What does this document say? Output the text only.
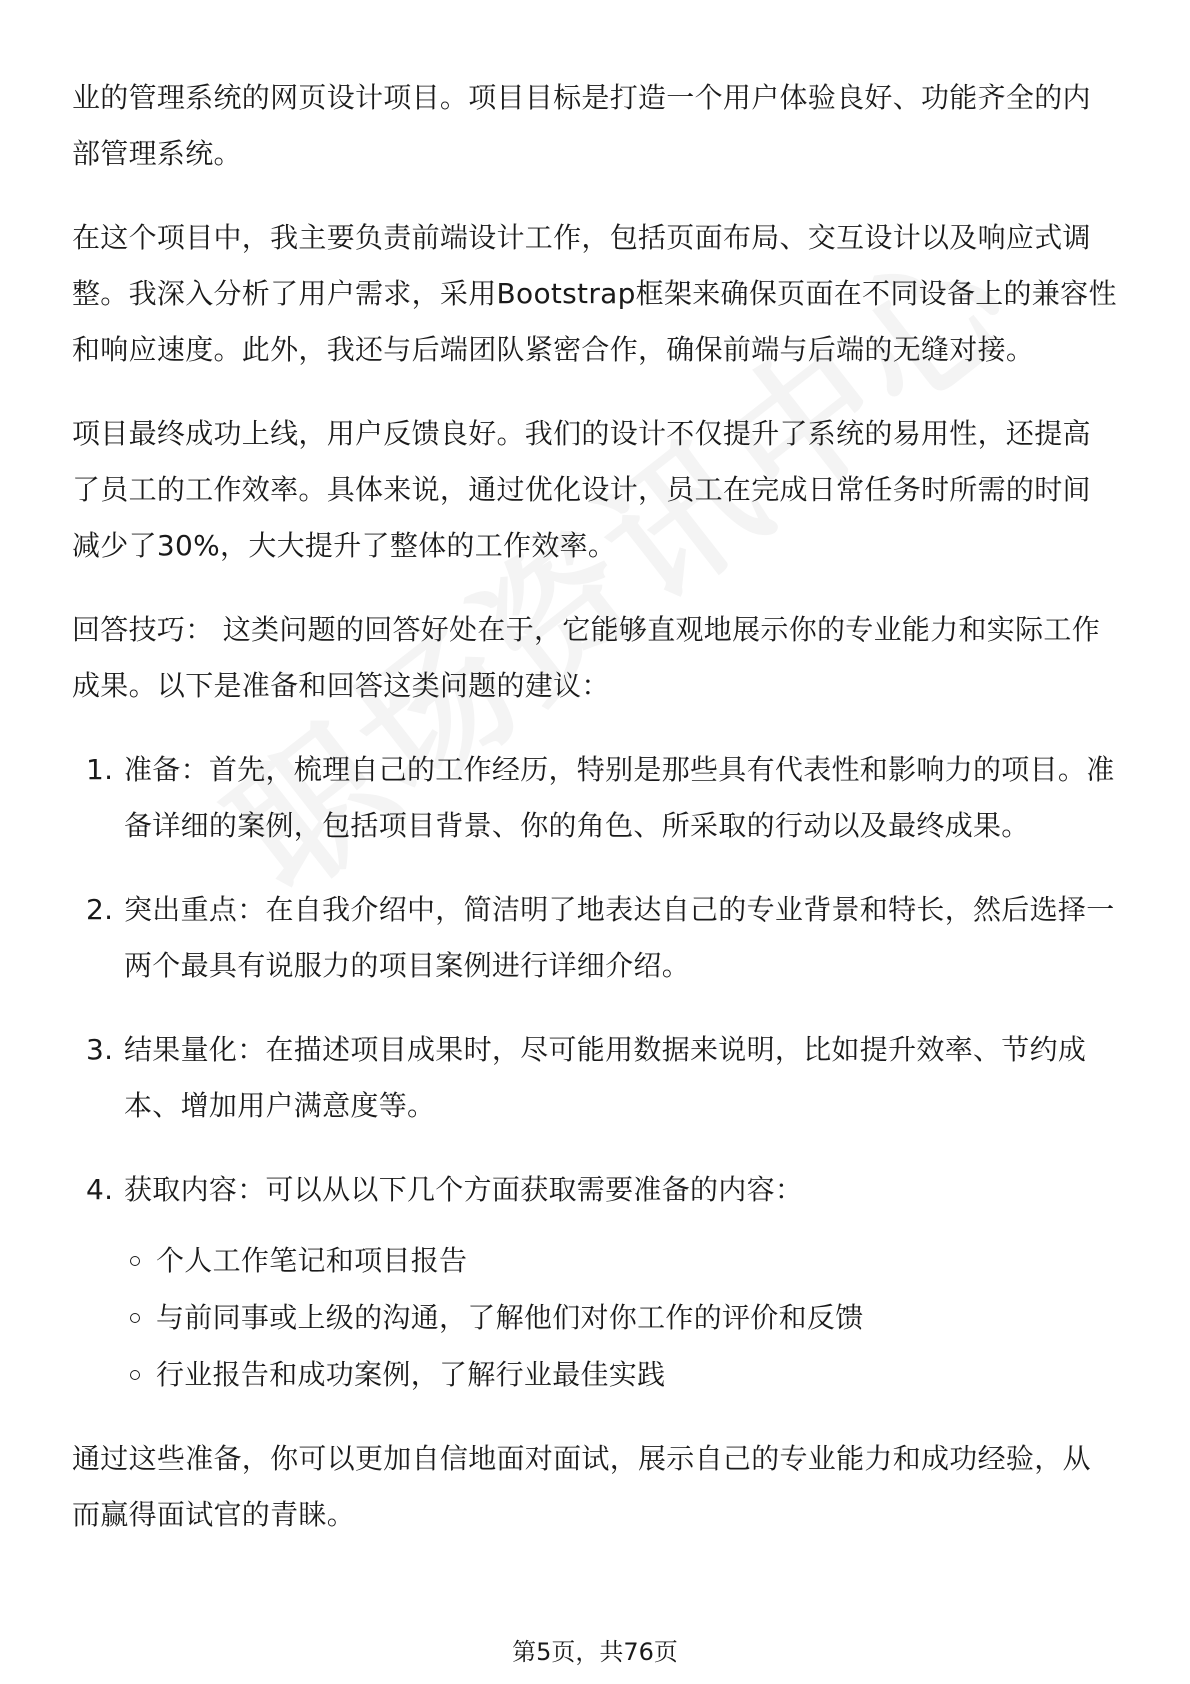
业的管理系统的网页设计项目。项目目标是打造一个用户体验良好、功能齐全的内部管理系统。

在这个项目中，我主要负责前端设计工作，包括页面布局、交互设计以及响应式调整。我深入分析了用户需求，采用Bootstrap框架来确保页面在不同设备上的兼容性和响应速度。此外，我还与后端团队紧密合作，确保前端与后端的无缝对接。

项目最终成功上线，用户反馈良好。我们的设计不仅提升了系统的易用性，还提高了员工的工作效率。具体来说，通过优化设计，员工在完成日常任务时所需的时间减少了30%，大大提升了整体的工作效率。

回答技巧： 这类问题的回答好处在于，它能够直观地展示你的专业能力和实际工作成果。以下是准备和回答这类问题的建议：

1. 准备：首先，梳理自己的工作经历，特别是那些具有代表性和影响力的项目。准备详细的案例，包括项目背景、你的角色、所采取的行动以及最终成果。
2. 突出重点：在自我介绍中，简洁明了地表达自己的专业背景和特长，然后选择一两个最具有说服力的项目案例进行详细介绍。
3. 结果量化：在描述项目成果时，尽可能用数据来说明，比如提升效率、节约成本、增加用户满意度等。
4. 获取内容：可以从以下几个方面获取需要准备的内容：
个人工作笔记和项目报告
与前同事或上级的沟通，了解他们对你工作的评价和反馈
行业报告和成功案例，了解行业最佳实践

通过这些准备，你可以更加自信地面对面试，展示自己的专业能力和成功经验，从而赢得面试官的青睐。

第5页，共76页
